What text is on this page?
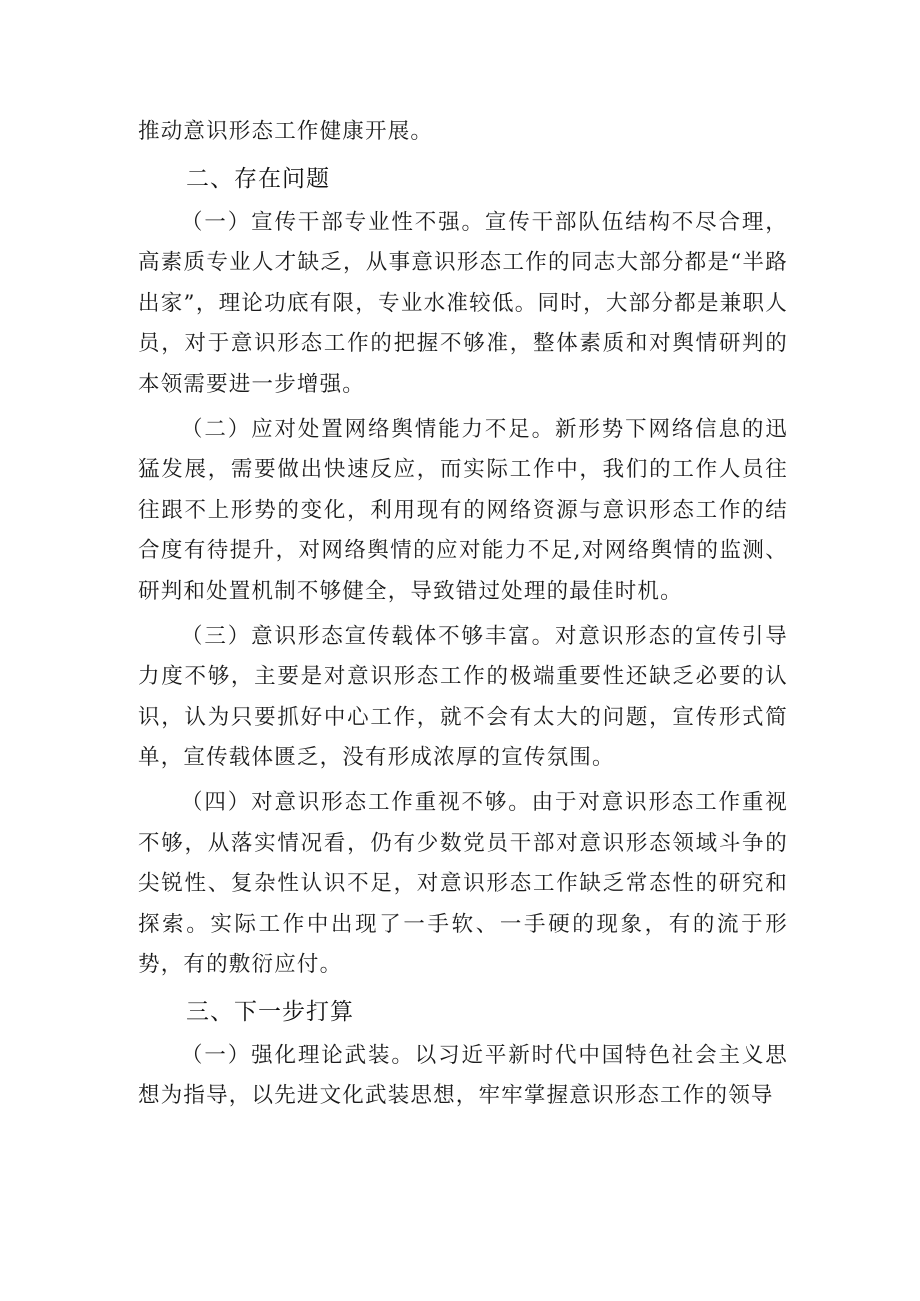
推动意识形态工作健康开展。

二、存在问题

（一）宣传干部专业性不强。宣传干部队伍结构不尽合理，高素质专业人才缺乏，从事意识形态工作的同志大部分都是“半路出家”，理论功底有限，专业水准较低。同时，大部分都是兼职人员，对于意识形态工作的把握不够准，整体素质和对舆情研判的本领需要进一步增强。

（二）应对处置网络舆情能力不足。新形势下网络信息的迅猛发展，需要做出快速反应，而实际工作中，我们的工作人员往往跟不上形势的变化，利用现有的网络资源与意识形态工作的结合度有待提升，对网络舆情的应对能力不足,对网络舆情的监测、研判和处置机制不够健全，导致错过处理的最佳时机。

（三）意识形态宣传载体不够丰富。对意识形态的宣传引导力度不够，主要是对意识形态工作的极端重要性还缺乏必要的认识，认为只要抓好中心工作，就不会有太大的问题，宣传形式简单，宣传载体匮乏，没有形成浓厚的宣传氛围。

（四）对意识形态工作重视不够。由于对意识形态工作重视不够，从落实情况看，仍有少数党员干部对意识形态领域斗争的尖锐性、复杂性认识不足，对意识形态工作缺乏常态性的研究和探索。实际工作中出现了一手软、一手硬的现象，有的流于形势，有的敷衍应付。

三、下一步打算

（一）强化理论武装。以习近平新时代中国特色社会主义思想为指导，以先进文化武装思想，牢牢掌握意识形态工作的领导
